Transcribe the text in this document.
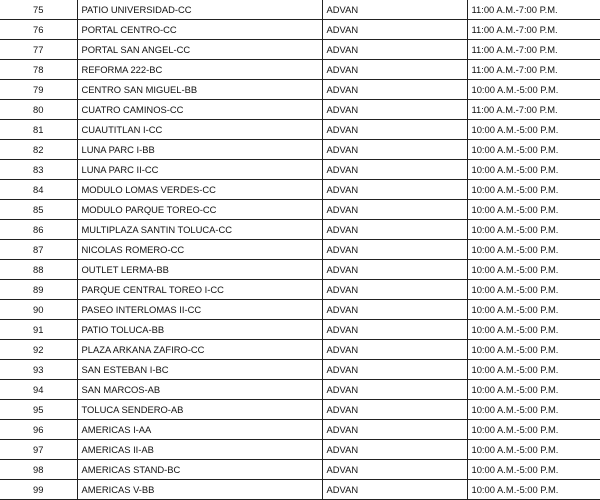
75	PATIO UNIVERSIDAD-CC	ADVAN	11:00 A.M.-7:00 P.M.
76	PORTAL CENTRO-CC	ADVAN	11:00 A.M.-7:00 P.M.
77	PORTAL SAN ANGEL-CC	ADVAN	11:00 A.M.-7:00 P.M.
78	REFORMA 222-BC	ADVAN	11:00 A.M.-7:00 P.M.
79	CENTRO SAN MIGUEL-BB	ADVAN	10:00 A.M.-5:00 P.M.
80	CUATRO CAMINOS-CC	ADVAN	11:00 A.M.-7:00 P.M.
81	CUAUTITLAN I-CC	ADVAN	10:00 A.M.-5:00 P.M.
82	LUNA PARC I-BB	ADVAN	10:00 A.M.-5:00 P.M.
83	LUNA PARC II-CC	ADVAN	10:00 A.M.-5:00 P.M.
84	MODULO LOMAS VERDES-CC	ADVAN	10:00 A.M.-5:00 P.M.
85	MODULO PARQUE TOREO-CC	ADVAN	10:00 A.M.-5:00 P.M.
86	MULTIPLAZA SANTIN TOLUCA-CC	ADVAN	10:00 A.M.-5:00 P.M.
87	NICOLAS ROMERO-CC	ADVAN	10:00 A.M.-5:00 P.M.
88	OUTLET LERMA-BB	ADVAN	10:00 A.M.-5:00 P.M.
89	PARQUE CENTRAL TOREO I-CC	ADVAN	10:00 A.M.-5:00 P.M.
90	PASEO INTERLOMAS II-CC	ADVAN	10:00 A.M.-5:00 P.M.
91	PATIO TOLUCA-BB	ADVAN	10:00 A.M.-5:00 P.M.
92	PLAZA ARKANA ZAFIRO-CC	ADVAN	10:00 A.M.-5:00 P.M.
93	SAN ESTEBAN I-BC	ADVAN	10:00 A.M.-5:00 P.M.
94	SAN MARCOS-AB	ADVAN	10:00 A.M.-5:00 P.M.
95	TOLUCA SENDERO-AB	ADVAN	10:00 A.M.-5:00 P.M.
96	AMERICAS I-AA	ADVAN	10:00 A.M.-5:00 P.M.
97	AMERICAS II-AB	ADVAN	10:00 A.M.-5:00 P.M.
98	AMERICAS STAND-BC	ADVAN	10:00 A.M.-5:00 P.M.
99	AMERICAS V-BB	ADVAN	10:00 A.M.-5:00 P.M.
